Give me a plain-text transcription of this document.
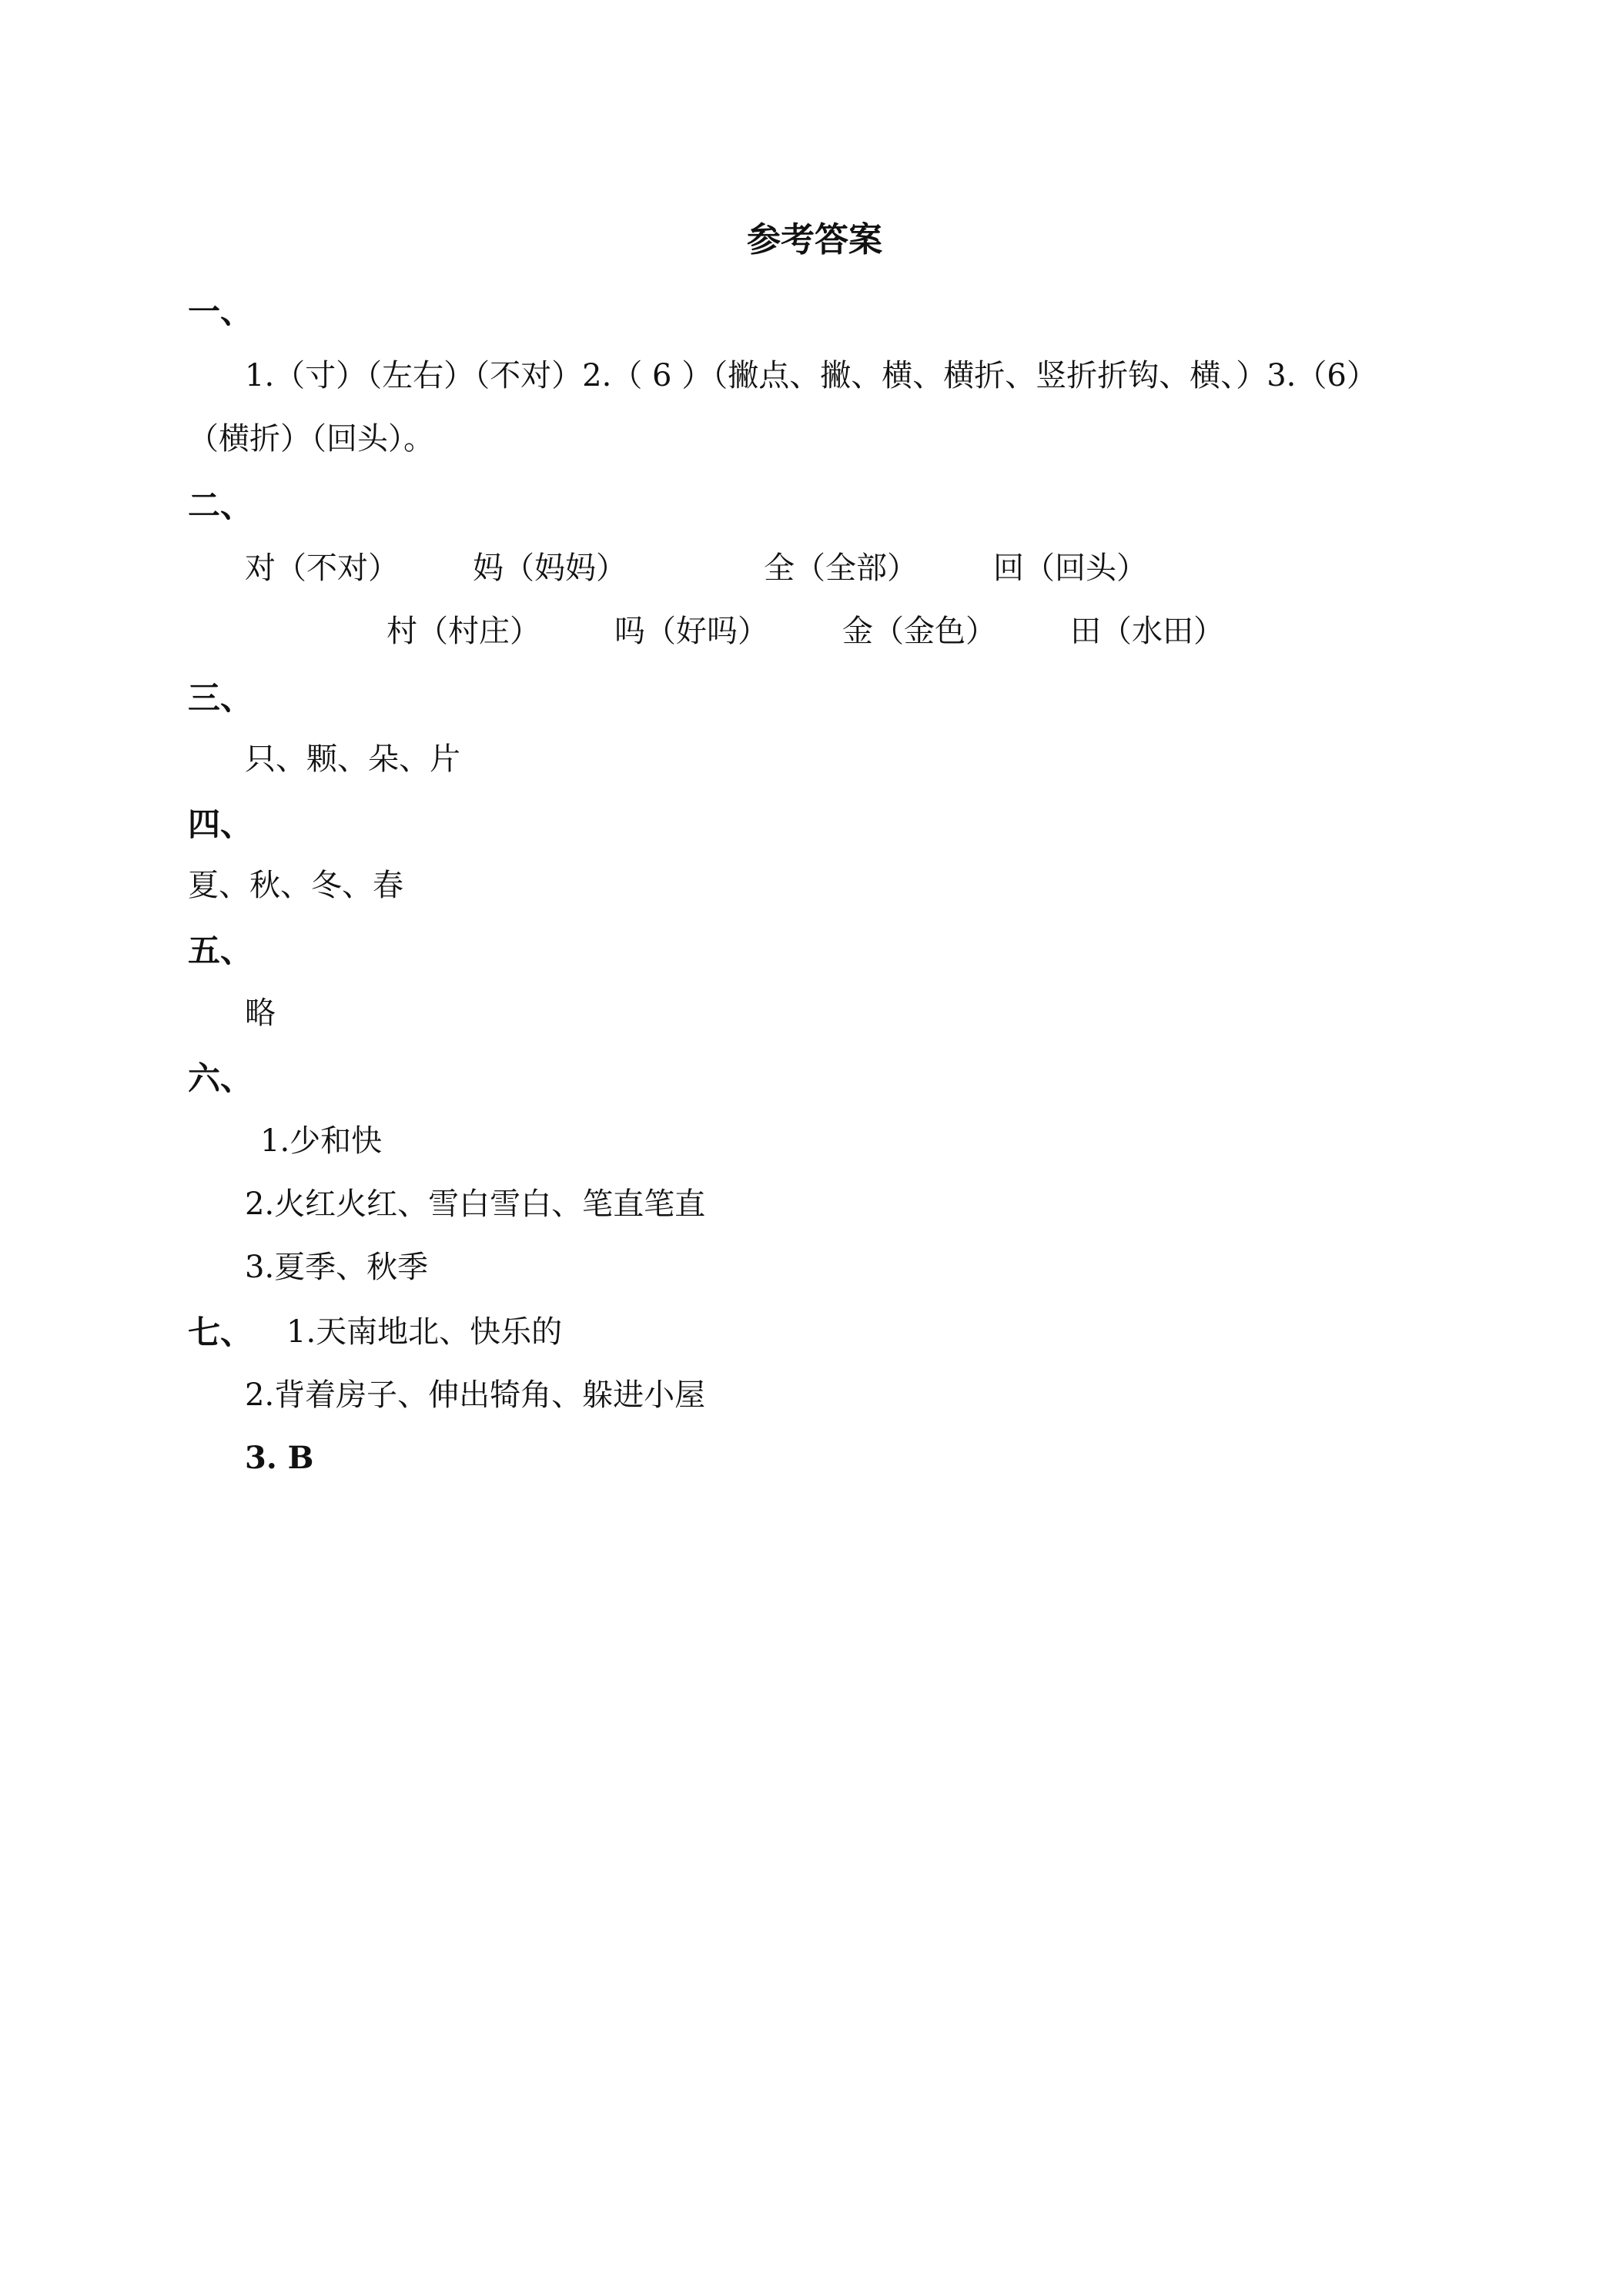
参考答案
一、
1.（寸）（左右）（不对）2.（ 6 ）（撇点、撇、横、横折、竖折折钩、横、）3.（6）
（横折）（回头）。
二、
对（不对） 妈（妈妈）	全（全部） 回（回头）
村（村庄） 吗（好吗） 金（金色） 田（水田）
三、
只、颗、朵、片
四、
夏、秋、冬、春
五、
略
六、
1.少和快
2.火红火红、雪白雪白、笔直笔直
3.夏季、秋季
七、 1.天南地北、快乐的
2.背着房子、伸出犄角、躲进小屋
3. B
